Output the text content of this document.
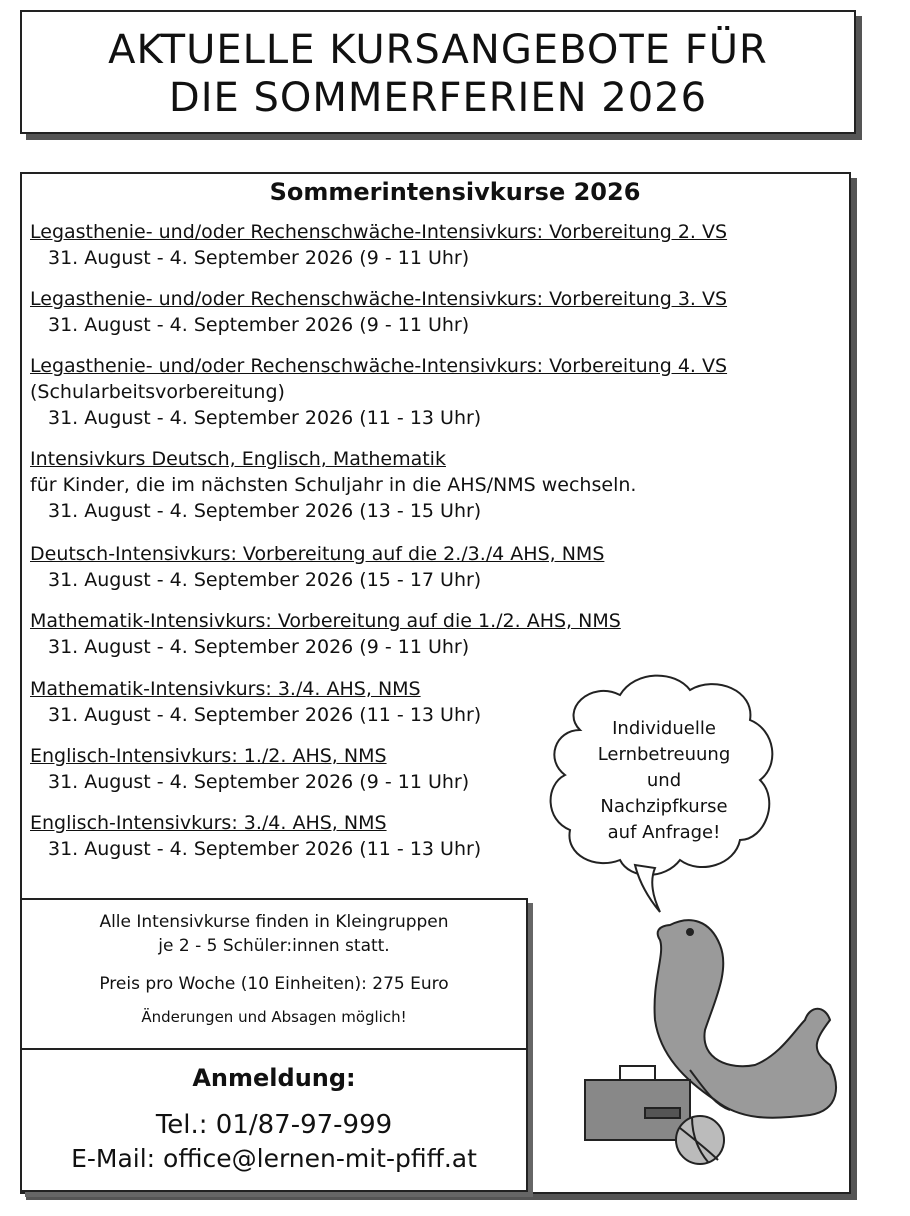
AKTUELLE KURSANGEBOTE FÜR
DIE SOMMERFERIEN 2026
Sommerintensivkurse 2026
Legasthenie- und/oder Rechenschwäche-Intensivkurs: Vorbereitung 2. VS
31. August - 4. September 2026 (9 - 11 Uhr)
Legasthenie- und/oder Rechenschwäche-Intensivkurs: Vorbereitung 3. VS
31. August - 4. September 2026 (9 - 11 Uhr)
Legasthenie- und/oder Rechenschwäche-Intensivkurs: Vorbereitung 4. VS
(Schularbeitsvorbereitung)
31. August - 4. September 2026 (11 - 13 Uhr)
Intensivkurs Deutsch, Englisch, Mathematik
für Kinder, die im nächsten Schuljahr in die AHS/NMS wechseln.
31. August - 4. September 2026 (13 - 15 Uhr)
Deutsch-Intensivkurs: Vorbereitung auf die 2./3./4 AHS, NMS
31. August - 4. September 2026 (15 - 17 Uhr)
Mathematik-Intensivkurs: Vorbereitung auf die 1./2. AHS, NMS
31. August - 4. September 2026 (9 - 11 Uhr)
Mathematik-Intensivkurs: 3./4. AHS, NMS
31. August - 4. September 2026 (11 - 13 Uhr)
Englisch-Intensivkurs: 1./2. AHS, NMS
31. August - 4. September 2026 (9 - 11 Uhr)
Englisch-Intensivkurs: 3./4. AHS, NMS
31. August - 4. September 2026 (11 - 13 Uhr)
Individuelle
Lernbetreuung
und
Nachzipfkurse
auf Anfrage!
Alle Intensivkurse finden in Kleingruppen
je 2 - 5 Schüler:innen statt.
Preis pro Woche (10 Einheiten): 275 Euro
Änderungen und Absagen möglich!
Anmeldung:
Tel.: 01/87-97-999
E-Mail: office@lernen-mit-pfiff.at
